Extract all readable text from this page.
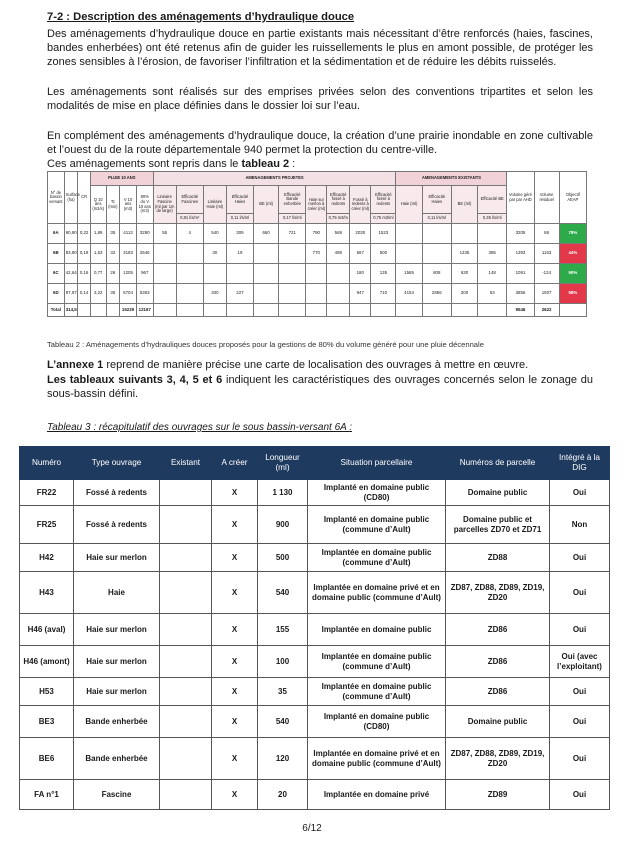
7-2 : Description des aménagements d’hydraulique douce

Des aménagements d’hydraulique douce en partie existants mais nécessitant d’être renforcés (haies, fascines, bandes enherbées) ont été retenus afin de guider les ruissellements le plus en amont possible, de protéger les zones sensibles à l’érosion, de favoriser l’infiltration et la sédimentation et de réduire les débits ruisselés.

Les aménagements sont réalisés sur des emprises privées selon des conventions tripartites et selon les modalités de mise en place définies dans le dossier loi sur l’eau.

En complément des aménagements d’hydraulique douce, la création d’une prairie inondable en zone cultivable et l’ouest du de la route départementale 940 permet la protection du centre-ville.

Ces aménagements sont repris dans le tableau 2 :

N° de bassin versant	Surface (ha)	CR	PLUIE 10 ANS				AMENAGEMENTS PROJETES										AMENAGEMENTS EXISTANTS				Volume géré par par AHD	Volume résiduel	Objectif AEAP
			Q 10 ans (m3/s)	Tc (min)	V 10 ans (m3)	80% du V 10 ans (m3)	Linéaire Fascine (ml par 1m de large)	Efficacité Fascines	Linéaire Haie (ml)	Efficacité Haies	BE (ml)	Efficacité Bande enherbée	Haie sur merlon à créer (ml)	Efficacité fossé à redents	Fossé à redents à créer (ml)	Efficacité fossé à redents	Haie (ml)	Efficacité Haies	BE (ml)	Efficacité BE			
								0,81 l/s/m²		0,11 l/s/ml		0,17 l/s/ml		0,75 m3/m		0,75 m3/ml		0,11 l/s/ml		0,35 l/s/ml			
6A	90,90	0,22	1,89	35	4113	3290	55	4	540	309	660	721	790	569	2030	1523					3205	86	78%
6B	83,90	0,19	1,63	32	3183	2546			30	19			770	489	667	500			1335	385	1393	1153	44%
6C	42,64	0,16	0,77	26	1205	967									180	135	1565	808	630	148	1091	-124	90%
6D	97,97	0,14	3,22	35	6704	5363			330	227					947	710	4154	2856	200	63	3856	1507	58%
Total	314,5				15229	12167															9546	2622	
Tableau 2 : Aménagements d’hydrauliques douces proposés pour la gestions de 80% du volume généré pour une pluie décennale

L’annexe 1 reprend de manière précise une carte de localisation des ouvrages à mettre en œuvre.

Les tableaux suivants 3, 4, 5 et 6 indiquent les caractéristiques des ouvrages concernés selon le zonage du sous-bassin défini.

Tableau 3 : récapitulatif des ouvrages sur le sous bassin-versant 6A :
Numéro	Type ouvrage	Existant	A créer	Longueur (ml)	Situation parcellaire	Numéros de parcelle	Intégré à la DIG
FR22	Fossé à redents		X	1 130	Implanté en domaine public (CD80)	Domaine public	Oui
FR25	Fossé à redents		X	900	Implanté en domaine public (commune d’Ault)	Domaine public et parcelles ZD70 et ZD71	Non
H42	Haie sur merlon		X	500	Implantée en domaine public (commune d’Ault)	ZD88	Oui
H43	Haie		X	540	Implantée en domaine privé et en domaine public (commune d’Ault)	ZD87, ZD88, ZD89, ZD19, ZD20	Oui
H46 (aval)	Haie sur merlon		X	155	Implantée en domaine public	ZD86	Oui
H46 (amont)	Haie sur merlon		X	100	Implantée en domaine public (commune d’Ault)	ZD86	Oui (avec l’exploitant)
H53	Haie sur merlon		X	35	Implantée en domaine public (commune d’Ault)	ZD86	Oui
BE3	Bande enherbée		X	540	Implanté en domaine public (CD80)	Domaine public	Oui
BE6	Bande enherbée		X	120	Implantée en domaine privé et en domaine public (commune d’Ault)	ZD87, ZD88, ZD89, ZD19, ZD20	Oui
FA n°1	Fascine		X	20	Implantée en domaine privé	ZD89	Oui
6/12
